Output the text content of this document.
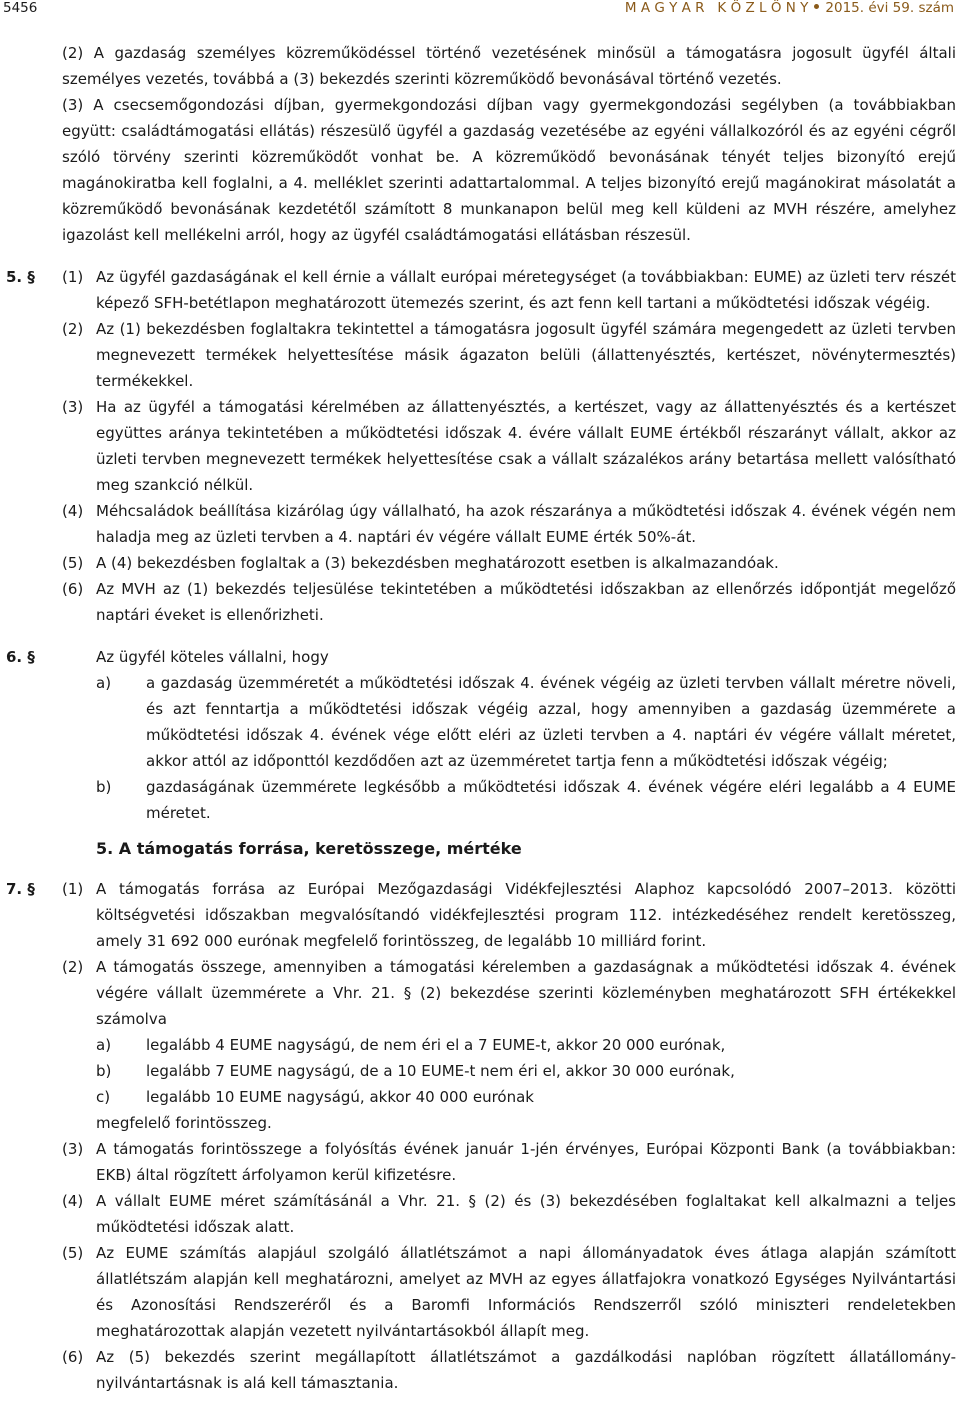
5456	M A G Y A R   K Ö Z L Ö N Y 2015. évi 59. szám
(2) A gazdaság személyes közreműködéssel történő vezetésének minősül a támogatásra jogosult ügyfél általi személyes vezetés, továbbá a (3) bekezdés szerinti közreműködő bevonásával történő vezetés.
(3) A csecsemőgondozási díjban, gyermekgondozási díjban vagy gyermekgondozási segélyben (a továbbiakban együtt: családtámogatási ellátás) részesülő ügyfél a gazdaság vezetésébe az egyéni vállalkozóról és az egyéni cégről szóló törvény szerinti közreműködőt vonhat be. A közreműködő bevonásának tényét teljes bizonyító erejű magánokiratba kell foglalni, a 4. melléklet szerinti adattartalommal. A teljes bizonyító erejű magánokirat másolatát a közreműködő bevonásának kezdetétől számított 8 munkanapon belül meg kell küldeni az MVH részére, amelyhez igazolást kell mellékelni arról, hogy az ügyfél családtámogatási ellátásban részesül.
5. §	(1) Az ügyfél gazdaságának el kell érnie a vállalt európai méretegységet (a továbbiakban: EUME) az üzleti terv részét képező SFH-betétlapon meghatározott ütemezés szerint, és azt fenn kell tartani a működtetési időszak végéig.
(2) Az (1) bekezdésben foglaltakra tekintettel a támogatásra jogosult ügyfél számára megengedett az üzleti tervben megnevezett termékek helyettesítése másik ágazaton belüli (állattenyésztés, kertészet, növénytermesztés) termékekkel.
(3) Ha az ügyfél a támogatási kérelmében az állattenyésztés, a kertészet, vagy az állattenyésztés és a kertészet együttes aránya tekintetében a működtetési időszak 4. évére vállalt EUME értékből részarányt vállalt, akkor az üzleti tervben megnevezett termékek helyettesítése csak a vállalt százalékos arány betartása mellett valósítható meg szankció nélkül.
(4) Méhcsaládok beállítása kizárólag úgy vállalható, ha azok részaránya a működtetési időszak 4. évének végén nem haladja meg az üzleti tervben a 4. naptári év végére vállalt EUME érték 50%-át.
(5) A (4) bekezdésben foglaltak a (3) bekezdésben meghatározott esetben is alkalmazandóak.
(6) Az MVH az (1) bekezdés teljesülése tekintetében a működtetési időszakban az ellenőrzés időpontját megelőző naptári éveket is ellenőrizheti.
6. §	Az ügyfél köteles vállalni, hogy
a)	a gazdaság üzemméretét a működtetési időszak 4. évének végéig az üzleti tervben vállalt méretre növeli, és azt fenntartja a működtetési időszak végéig azzal, hogy amennyiben a gazdaság üzemmérete a működtetési időszak 4. évének vége előtt eléri az üzleti tervben a 4. naptári év végére vállalt méretet, akkor attól az időponttól kezdődően azt az üzemméretet tartja fenn a működtetési időszak végéig;
b)	gazdaságának üzemmérete legkésőbb a működtetési időszak 4. évének végére eléri legalább a 4 EUME méretet.
5. A támogatás forrása, keretösszege, mértéke
7. §	(1) A támogatás forrása az Európai Mezőgazdasági Vidékfejlesztési Alaphoz kapcsolódó 2007–2013. közötti költségvetési időszakban megvalósítandó vidékfejlesztési program 112. intézkedéséhez rendelt keretösszeg, amely 31 692 000 eurónak megfelelő forintösszeg, de legalább 10 milliárd forint.
(2) A támogatás összege, amennyiben a támogatási kérelemben a gazdaságnak a működtetési időszak 4. évének végére vállalt üzemmérete a Vhr. 21. § (2) bekezdése szerinti közleményben meghatározott SFH értékekkel számolva
a)	legalább 4 EUME nagyságú, de nem éri el a 7 EUME-t, akkor 20 000 eurónak,
b)	legalább 7 EUME nagyságú, de a 10 EUME-t nem éri el, akkor 30 000 eurónak,
c)	legalább 10 EUME nagyságú, akkor 40 000 eurónak
megfelelő forintösszeg.
(3) A támogatás forintösszege a folyósítás évének január 1-jén érvényes, Európai Központi Bank (a továbbiakban: EKB) által rögzített árfolyamon kerül kifizetésre.
(4) A vállalt EUME méret számításánál a Vhr. 21. § (2) és (3) bekezdésében foglaltakat kell alkalmazni a teljes működtetési időszak alatt.
(5) Az EUME számítás alapjául szolgáló állatlétszámot a napi állományadatok éves átlaga alapján számított állatlétszám alapján kell meghatározni, amelyet az MVH az egyes állatfajokra vonatkozó Egységes Nyilvántartási és Azonosítási Rendszeréről és a Baromfi Információs Rendszerről szóló miniszteri rendeletekben meghatározottak alapján vezetett nyilvántartásokból állapít meg.
(6) Az (5) bekezdés szerint megállapított állatlétszámot a gazdálkodási naplóban rögzített állatállomány-nyilvántartásnak is alá kell támasztania.
